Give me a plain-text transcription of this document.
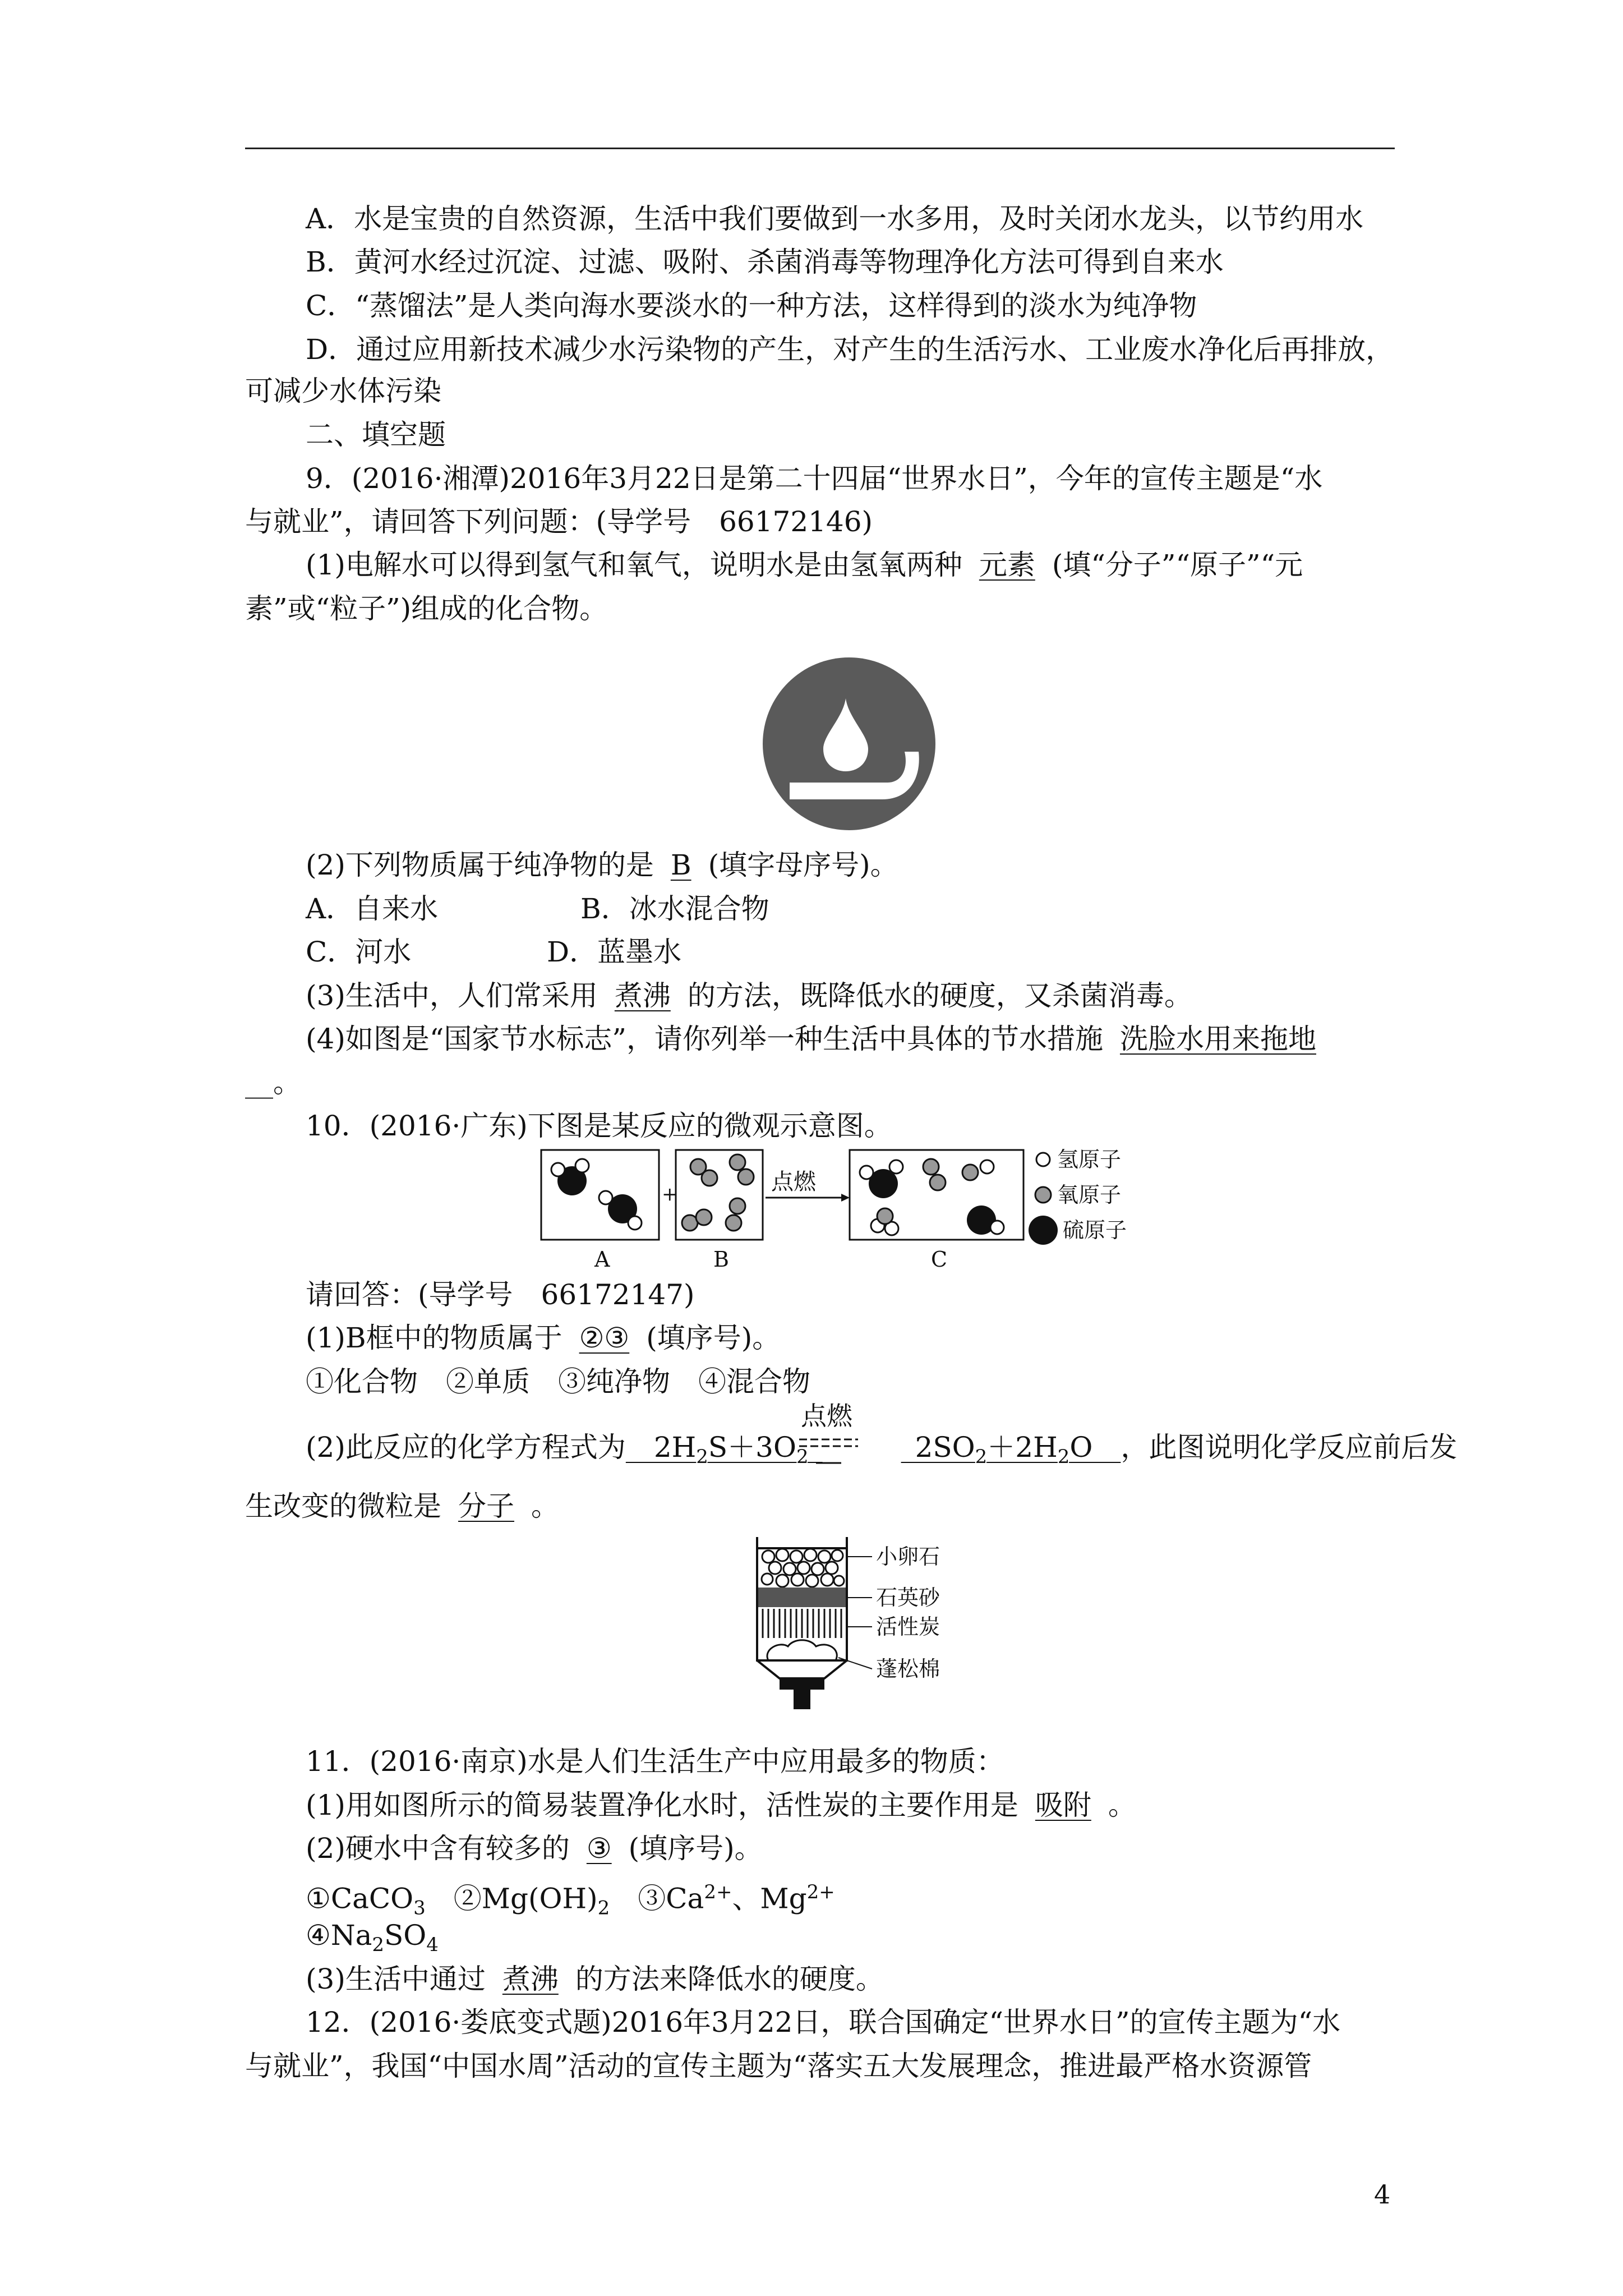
A．水是宝贵的自然资源，生活中我们要做到一水多用，及时关闭水龙头，以节约用水
B．黄河水经过沉淀、过滤、吸附、杀菌消毒等物理净化方法可得到自来水
C．“蒸馏法”是人类向海水要淡水的一种方法，这样得到的淡水为纯净物
D．通过应用新技术减少水污染物的产生，对产生的生活污水、工业废水净化后再排放，
可减少水体污染
二、填空题
9．(2016·湘潭)2016年3月22日是第二十四届“世界水日”，今年的宣传主题是“水
与就业”，请回答下列问题：(导学号　66172146)
(1)电解水可以得到氢气和氧气，说明水是由氢氧两种 元素 (填“分子”“原子”“元
素”或“粒子”)组成的化合物。
(2)下列物质属于纯净物的是 B (填字母序号)。
A．自来水	B．冰水混合物
C．河水	D．蓝墨水
(3)生活中，人们常采用 煮沸 的方法，既降低水的硬度，又杀菌消毒。
(4)如图是“国家节水标志”，请你列举一种生活中具体的节水措施 洗脸水用来拖地
__。
10．(2016·广东)下图是某反应的微观示意图。
+	点燃
A	B	C
氢原子
氧原子
硫原子
请回答：(导学号　66172147)
(1)B框中的物质属于 ②③ (填序号)。
①化合物　②单质　③纯净物　④混合物
(2)此反应的化学方程式为  $2H_2S+3O_2$ 	 $2SO_2+2H_2O$  ，此图说明化学反应前后发
点燃
生改变的微粒是 分子 。
小卵石
石英砂
活性炭
蓬松棉
11．(2016·南京)水是人们生活生产中应用最多的物质：
(1)用如图所示的简易装置净化水时，活性炭的主要作用是 吸附 。
(2)硬水中含有较多的 ③ (填序号)。
①CaCO$_3$　$②Mg(OH)_2$　$③Ca^{2+}$、$Mg^{2+}$
$④Na_2SO_4$
(3)生活中通过 煮沸 的方法来降低水的硬度。
12．(2016·娄底变式题)2016年3月22日，联合国确定“世界水日”的宣传主题为“水
与就业”，我国“中国水周”活动的宣传主题为“落实五大发展理念，推进最严格水资源管
4
